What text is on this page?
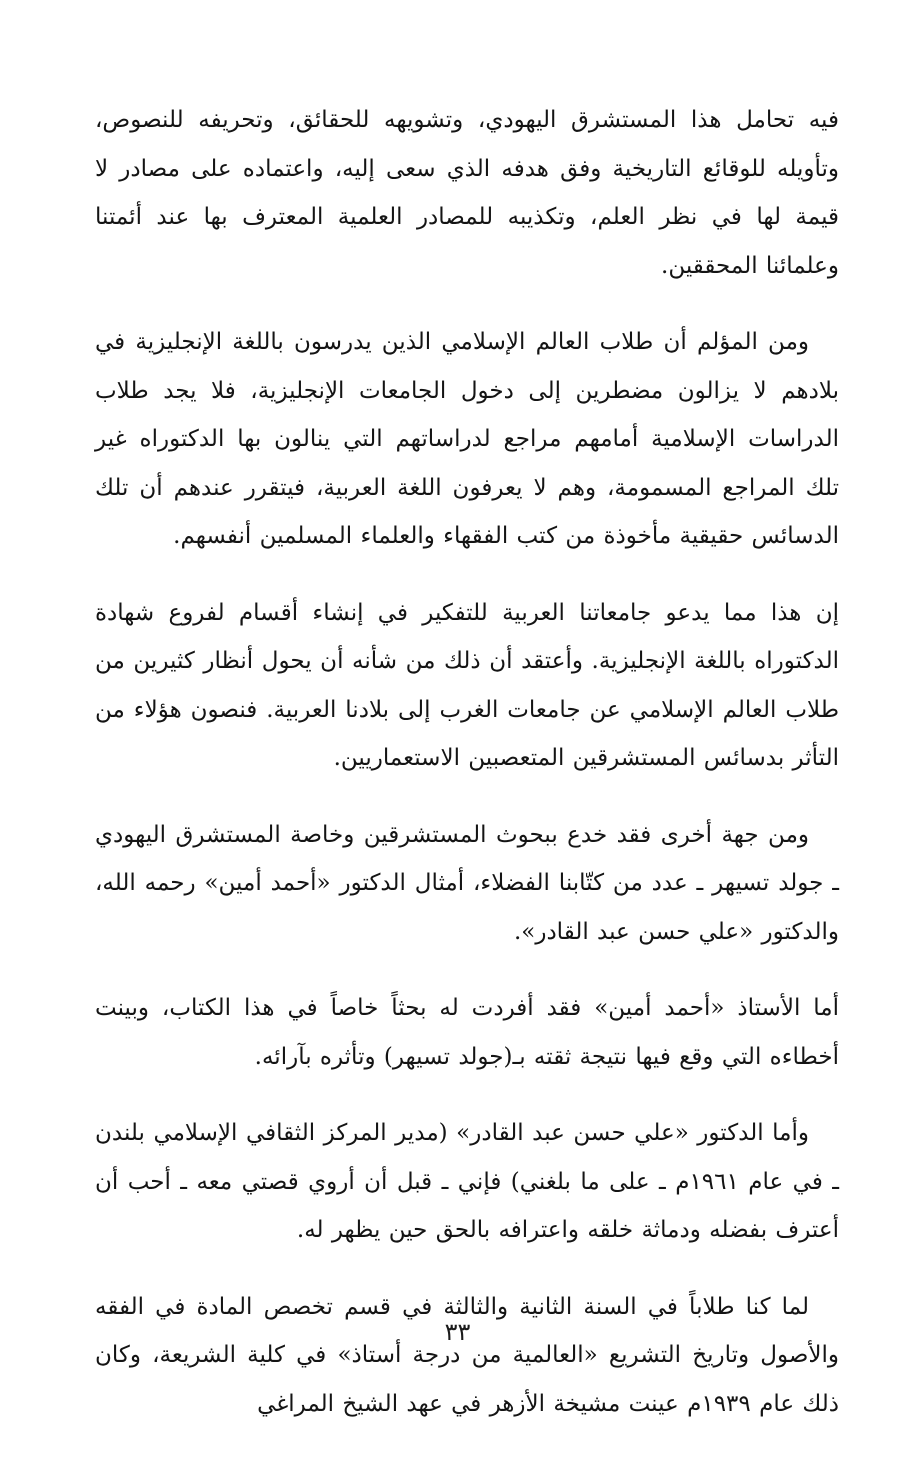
فيه تحامل هذا المستشرق اليهودي، وتشويهه للحقائق، وتحريفه للنصوص، وتأويله للوقائع التاريخية وفق هدفه الذي سعى إليه، واعتماده على مصادر لا قيمة لها في نظر العلم، وتكذيبه للمصادر العلمية المعترف بها عند أئمتنا وعلمائنا المحققين.

ومن المؤلم أن طلاب العالم الإسلامي الذين يدرسون باللغة الإنجليزية في بلادهم لا يزالون مضطرين إلى دخول الجامعات الإنجليزية، فلا يجد طلاب الدراسات الإسلامية أمامهم مراجع لدراساتهم التي ينالون بها الدكتوراه غير تلك المراجع المسمومة، وهم لا يعرفون اللغة العربية، فيتقرر عندهم أن تلك الدسائس حقيقية مأخوذة من كتب الفقهاء والعلماء المسلمين أنفسهم.

إن هذا مما يدعو جامعاتنا العربية للتفكير في إنشاء أقسام لفروع شهادة الدكتوراه باللغة الإنجليزية. وأعتقد أن ذلك من شأنه أن يحول أنظار كثيرين من طلاب العالم الإسلامي عن جامعات الغرب إلى بلادنا العربية. فنصون هؤلاء من التأثر بدسائس المستشرقين المتعصبين الاستعماريين.

ومن جهة أخرى فقد خدع ببحوث المستشرقين وخاصة المستشرق اليهودي ـ جولد تسيهر ـ عدد من كتّابنا الفضلاء، أمثال الدكتور «أحمد أمين» رحمه الله، والدكتور «علي حسن عبد القادر».

أما الأستاذ «أحمد أمين» فقد أفردت له بحثاً خاصاً في هذا الكتاب، وبينت أخطاءه التي وقع فيها نتيجة ثقته بـ(جولد تسيهر) وتأثره بآرائه.

وأما الدكتور «علي حسن عبد القادر» (مدير المركز الثقافي الإسلامي بلندن ـ في عام ١٩٦١م ـ على ما بلغني) فإني ـ قبل أن أروي قصتي معه ـ أحب أن أعترف بفضله ودماثة خلقه واعترافه بالحق حين يظهر له.

لما كنا طلاباً في السنة الثانية والثالثة في قسم تخصص المادة في الفقه والأصول وتاريخ التشريع «العالمية من درجة أستاذ» في كلية الشريعة، وكان ذلك عام ١٩٣٩م عينت مشيخة الأزهر في عهد الشيخ المراغي

٣٣
